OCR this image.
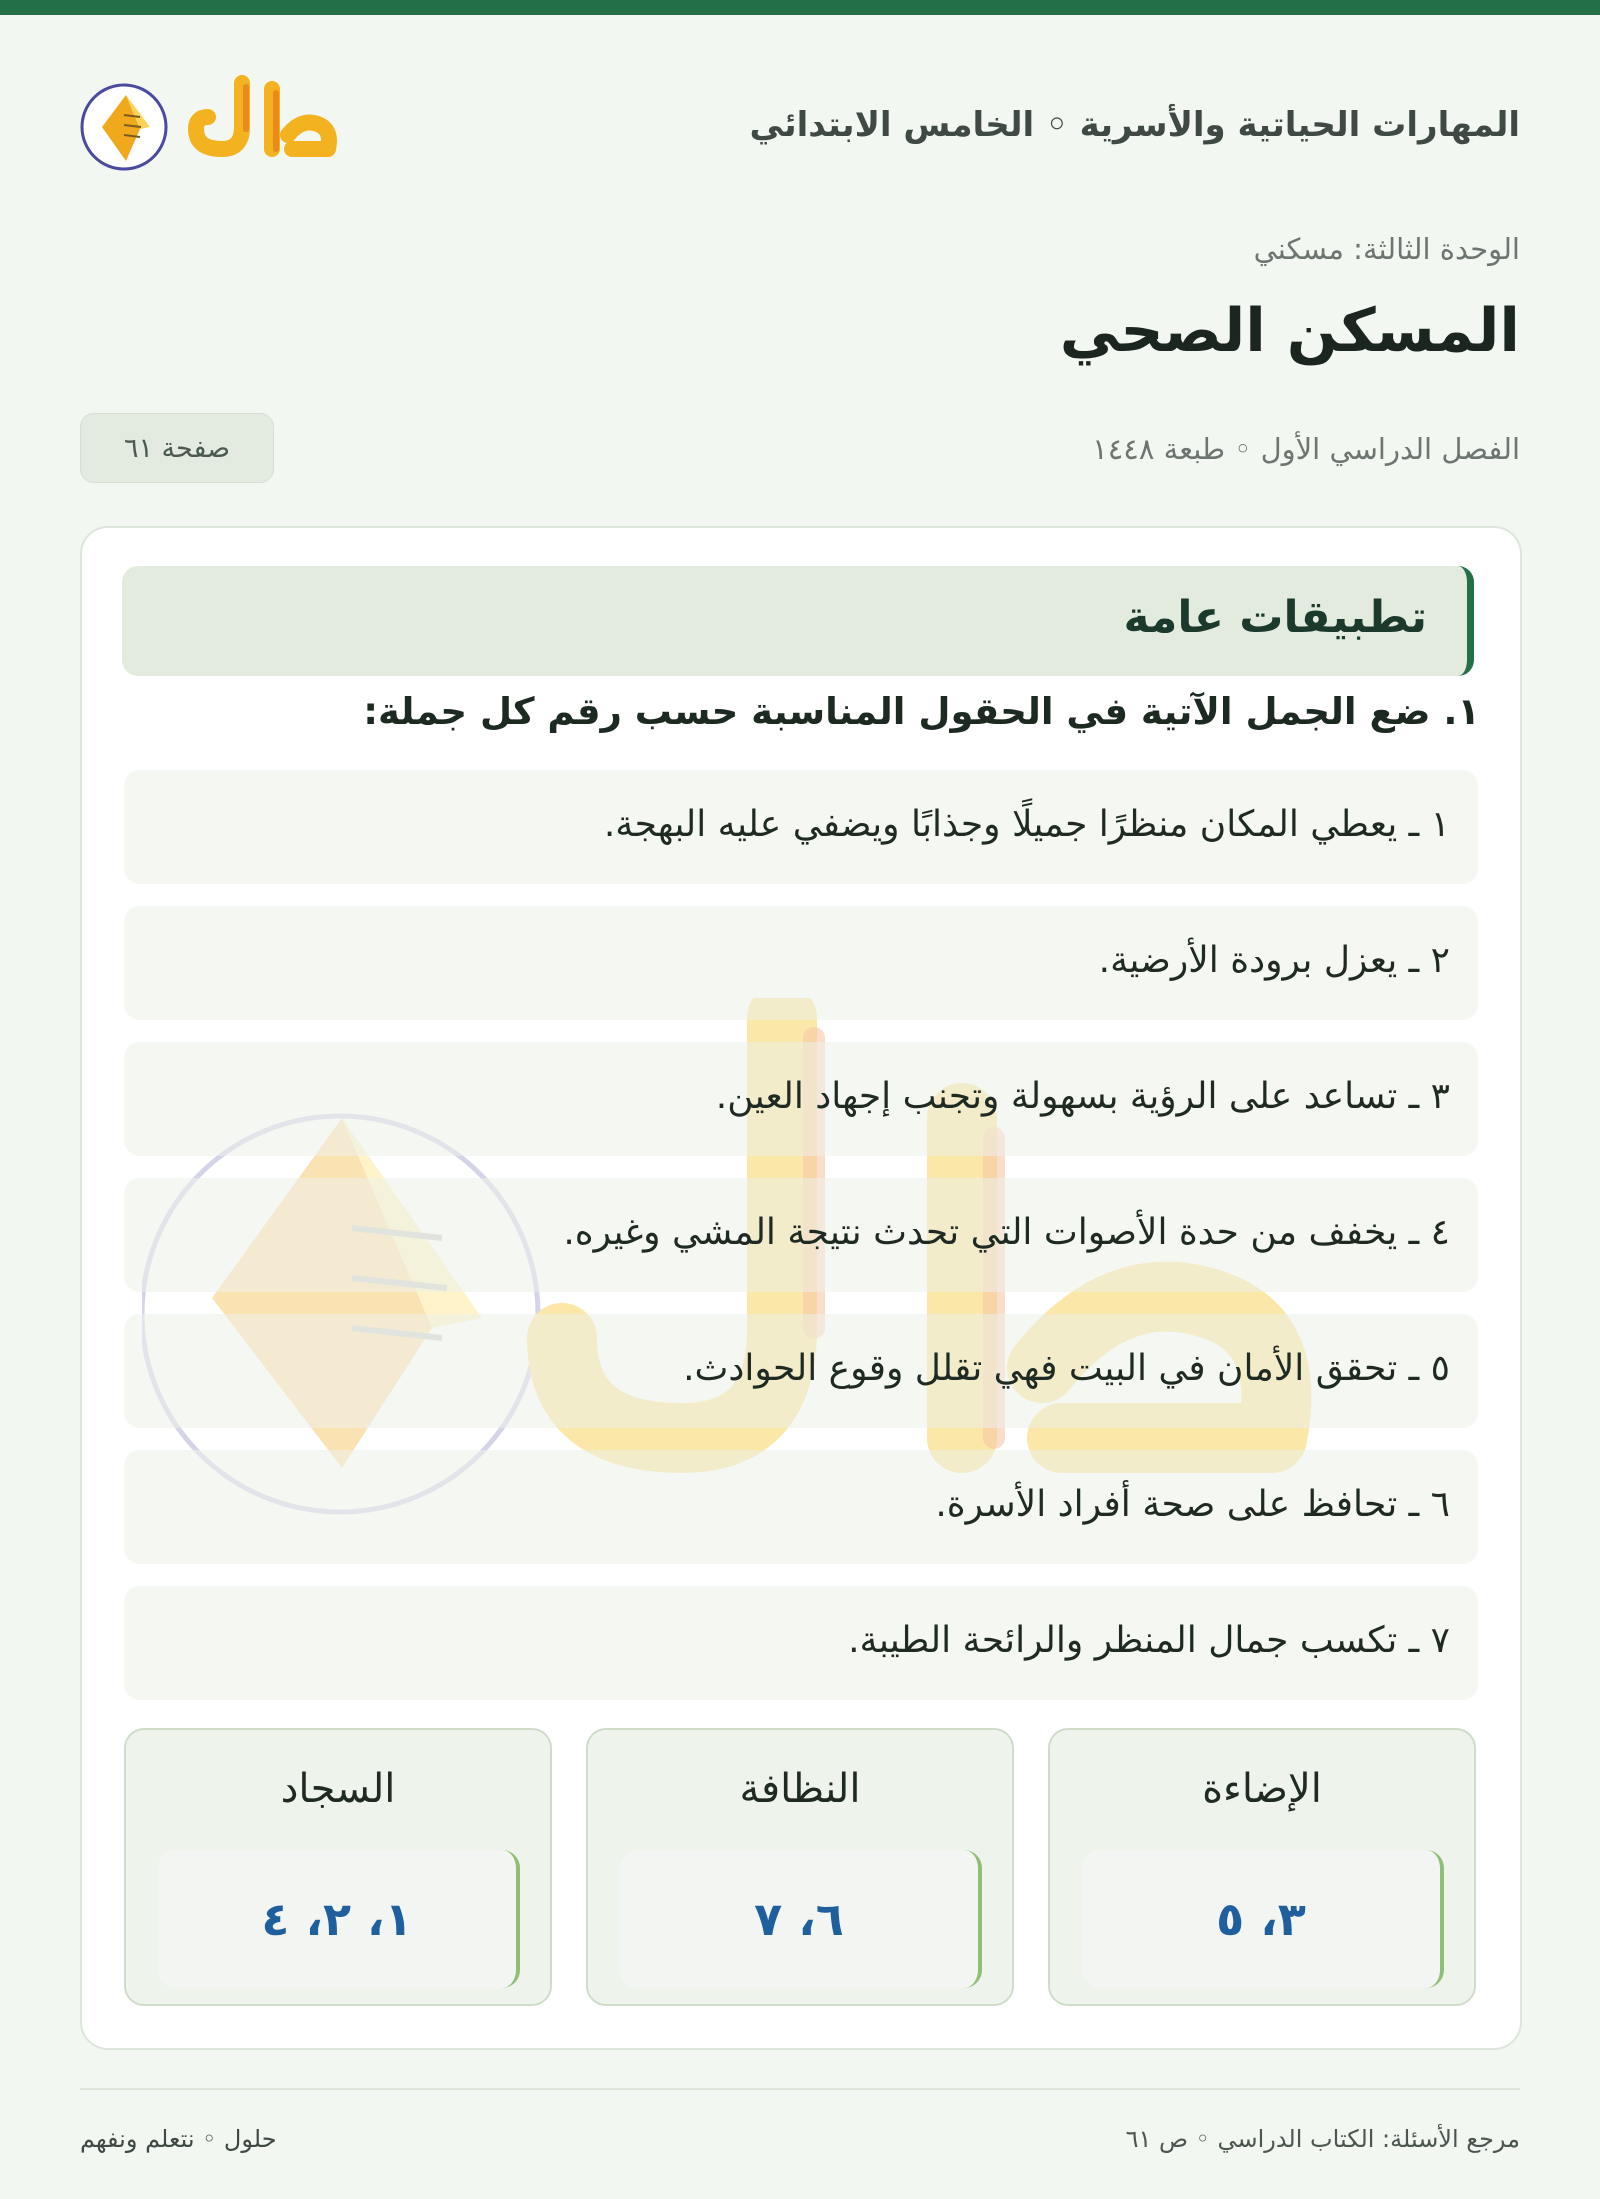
المهارات الحياتية والأسرية ◦ الخامس الابتدائي
الوحدة الثالثة: مسكني
المسكن الصحي
الفصل الدراسي الأول ◦ طبعة ١٤٤٨
صفحة ٦١
تطبيقات عامة
١. ضع الجمل الآتية في الحقول المناسبة حسب رقم كل جملة:
١ ـ يعطي المكان منظرًا جميلًا وجذابًا ويضفي عليه البهجة.
٢ ـ يعزل برودة الأرضية.
٣ ـ تساعد على الرؤية بسهولة وتجنب إجهاد العين.
٤ ـ يخفف من حدة الأصوات التي تحدث نتيجة المشي وغيره.
٥ ـ تحقق الأمان في البيت فهي تقلل وقوع الحوادث.
٦ ـ تحافظ على صحة أفراد الأسرة.
٧ ـ تكسب جمال المنظر والرائحة الطيبة.
الإضاءة
٣، ٥
النظافة
٦، ٧
السجاد
١، ٢، ٤
مرجع الأسئلة: الكتاب الدراسي ◦ ص ٦١
حلول ◦ نتعلم ونفهم
